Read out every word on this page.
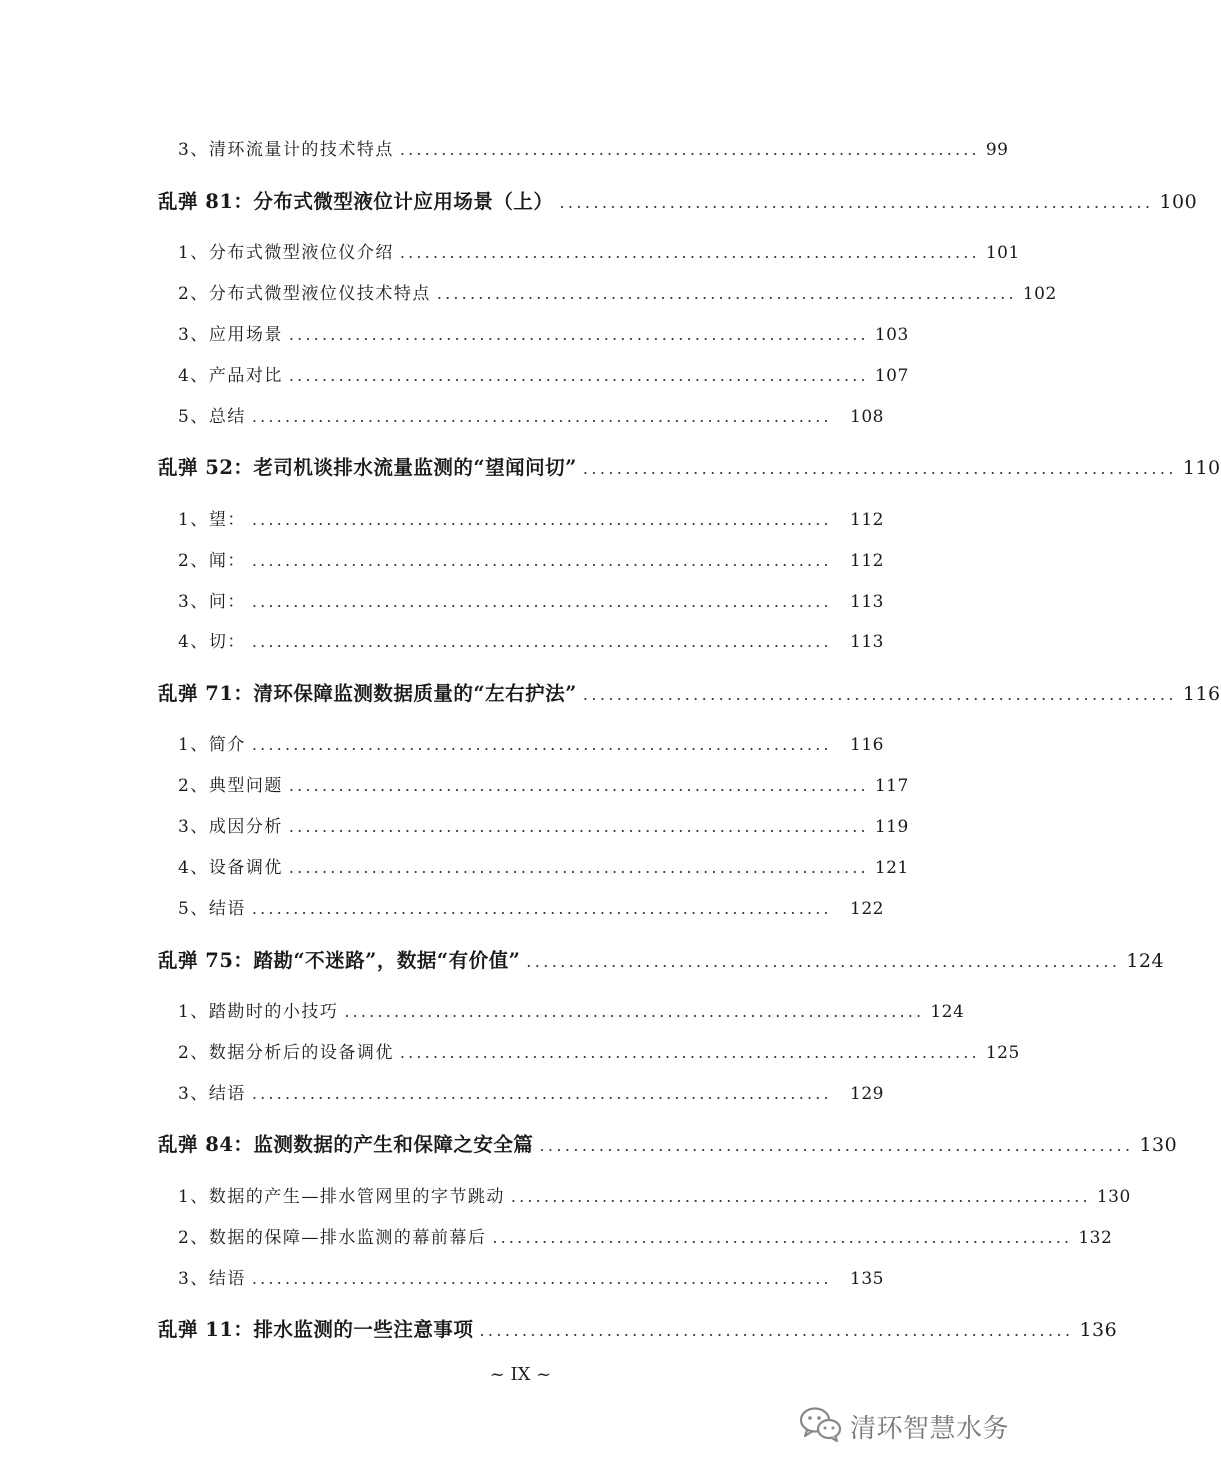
3、清环流量计的技术特点 ...................................................................... 99
乱弹 81：分布式微型液位计应用场景（上） ...................................................................... 100
1、分布式微型液位仪介绍 ...................................................................... 101
2、分布式微型液位仪技术特点 ...................................................................... 102
3、应用场景 ...................................................................... 103
4、产品对比 ...................................................................... 107
5、总结 ......................................................................	108
乱弹 52：老司机谈排水流量监测的“望闻问切” ...................................................................... 110
1、望： ......................................................................	112
2、闻： ......................................................................	112
3、问： ......................................................................	113
4、切： ......................................................................	113
乱弹 71：清环保障监测数据质量的“左右护法” ...................................................................... 116
1、简介 ......................................................................	116
2、典型问题 ...................................................................... 117
3、成因分析 ...................................................................... 119
4、设备调优 ...................................................................... 121
5、结语 ......................................................................	122
乱弹 75：踏勘“不迷路”，数据“有价值” ...................................................................... 124
1、踏勘时的小技巧 ...................................................................... 124
2、数据分析后的设备调优 ...................................................................... 125
3、结语 ......................................................................	129
乱弹 84：监测数据的产生和保障之安全篇 ...................................................................... 130
1、数据的产生—排水管网里的字节跳动 ...................................................................... 130
2、数据的保障—排水监测的幕前幕后 ...................................................................... 132
3、结语 ......................................................................	135
乱弹 11：排水监测的一些注意事项 ...................................................................... 136
~ IX ~
清环智慧水务
